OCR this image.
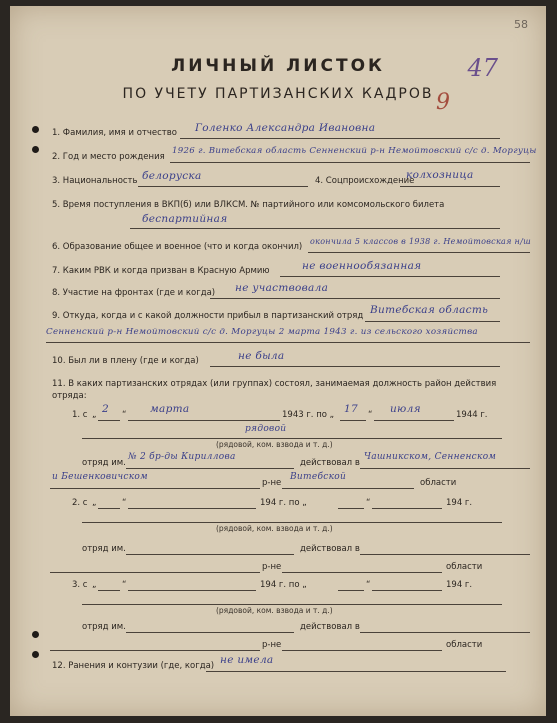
58
47
9
ЛИЧНЫЙ ЛИСТОК
ПО УЧЕТУ ПАРТИЗАНСКИХ КАДРОВ
1. Фамилия, имя и отчество Голенко Александра Ивановна
2. Год и место рождения
1926 г. Витебская область Сенненский р-н Немойтовский с/с д. Моргуцы
3. Национальность белоруска	4. Соцпроисхождение
колхозница
5. Время поступления в ВКП(б) или ВЛКСМ. № партийного или комсомольского билета
беспартийная
6. Образование общее и военное (что и когда окончил)
окончила 5 классов в 1938 г. Немойтовская н/ш
7. Каким РВК и когда призван в Красную Армию	не военнообязанная
8. Участие на фронтах (где и когда) не участвовала
9. Откуда, когда и с какой должности прибыл в партизанский отряд Витебская область
Сенненский р-н Немойтовский с/с д. Моргуцы 2 марта 1943 г. из сельского хозяйства
10. Был ли в плену (где и когда)	не была
11. В каких партизанских отрядах (или группах) состоял, занимаемая должность район действия отряда:
1. с „ 2 “ марта	1943 г. по „ 17 “ июля	1944 г.
рядовой
(рядовой, ком. взвода и т. д.)
отряд им.
№ 2 бр-ды Кириллова
действовал в
Чашникском, Сенненском
и Бешенковичском
р-не
Витебской
области
2. с „	“	194 г. по „	“	194 г.
(рядовой, ком. взвода и т. д.)
отряд им.	действовал в
р-не	области
3. с „	“	194 г. по „	“	194 г.
(рядовой, ком. взвода и т. д.)
отряд им.	действовал в
р-не	области
12. Ранения и контузии (где, когда) не имела
